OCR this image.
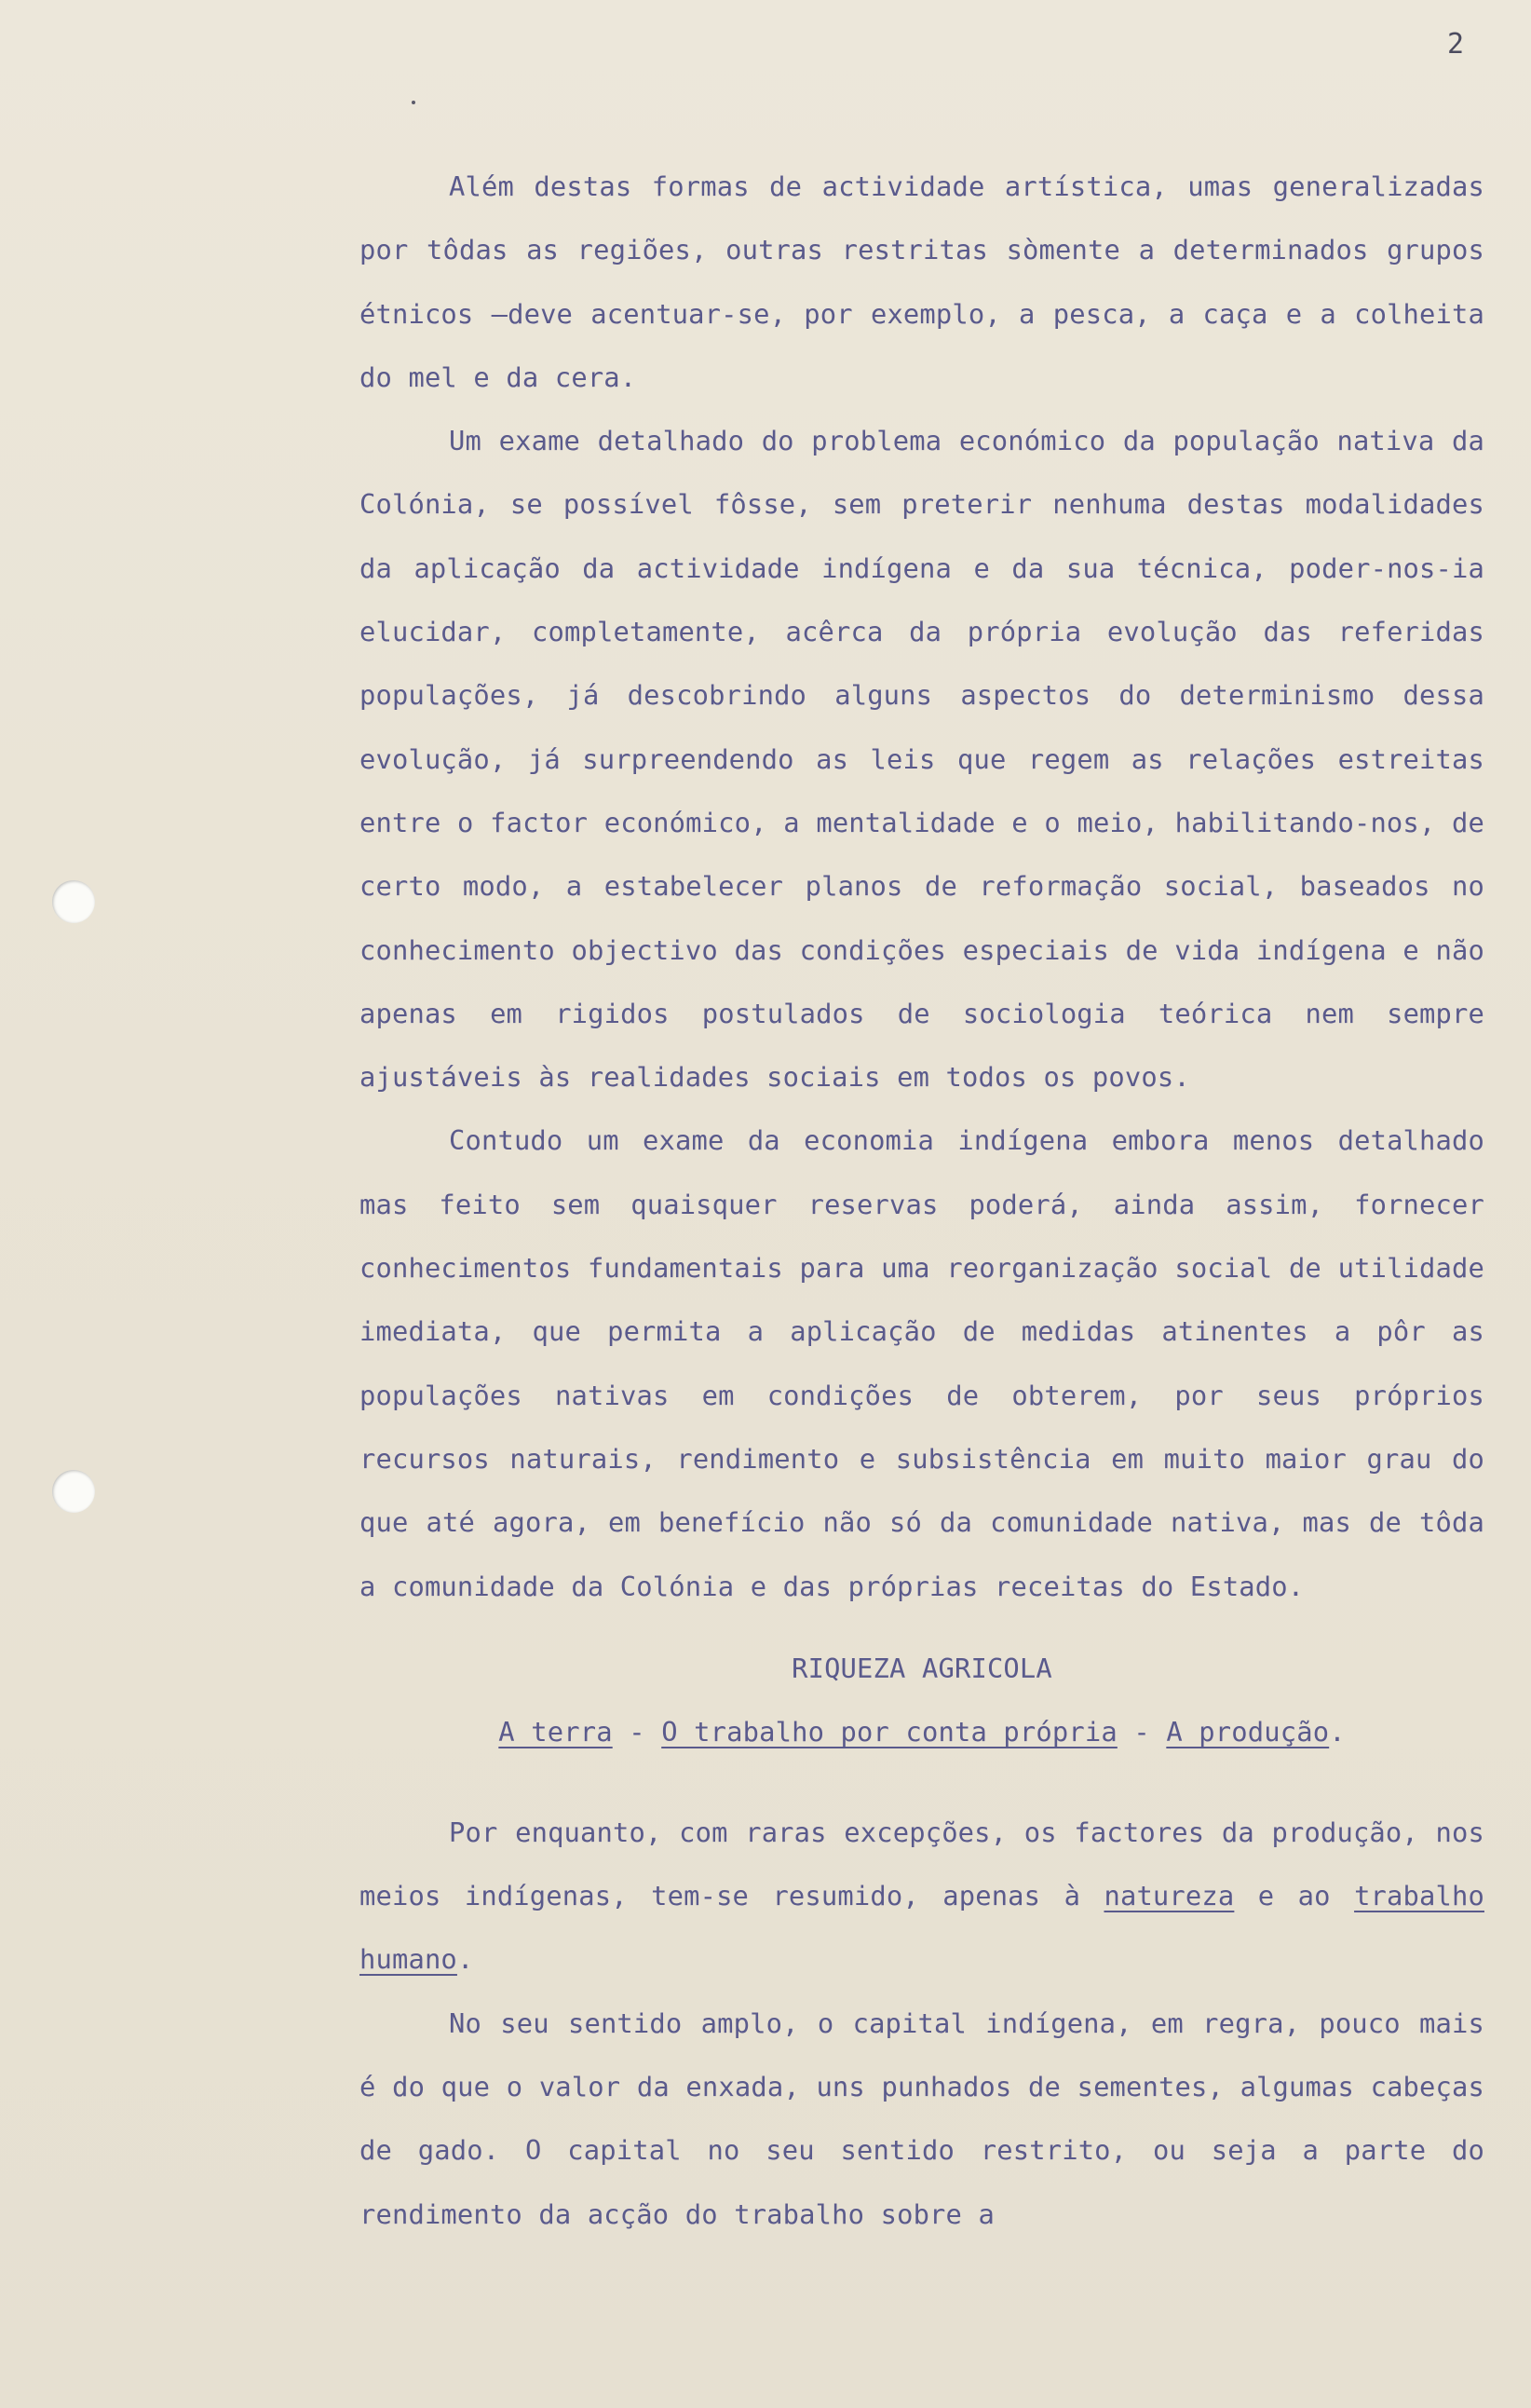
2

Além destas formas de actividade artística, umas generalizadas por tôdas as regiões, outras restritas sòmente a determinados grupos étnicos —deve acentuar-se, por exemplo, a pesca, a caça e a colheita do mel e da cera.

Um exame detalhado do problema económico da população nativa da Colónia, se possível fôsse, sem preterir nenhuma destas modalidades da aplicação da actividade indígena e da sua técnica, poder-nos-ia elucidar, completamente, acêrca da própria evolução das referidas populações, já descobrindo alguns aspectos do determinismo dessa evolução, já surpreendendo as leis que regem as relações estreitas entre o factor económico, a mentalidade e o meio, habilitando-nos, de certo modo, a estabelecer planos de reformação social, baseados no conhecimento objectivo das condições especiais de vida indígena e não apenas em rigidos postulados de sociologia teórica nem sempre ajustáveis às realidades sociais em todos os povos.

Contudo um exame da economia indígena embora menos detalhado mas feito sem quaisquer reservas poderá, ainda assim, fornecer conhecimentos fundamentais para uma reorganização social de utilidade imediata, que permita a aplicação de medidas atinentes a pôr as populações nativas em condições de obterem, por seus próprios recursos naturais, rendimento e subsistência em muito maior grau do que até agora, em benefício não só da comunidade nativa, mas de tôda a comunidade da Colónia e das próprias receitas do Estado.

RIQUEZA AGRICOLA
A terra - O trabalho por conta própria - A produção.

Por enquanto, com raras excepções, os factores da produção, nos meios indígenas, tem-se resumido, apenas à natureza e ao trabalho humano.

No seu sentido amplo, o capital indígena, em regra, pouco mais é do que o valor da enxada, uns punhados de sementes, algumas cabeças de gado. O capital no seu sentido restrito, ou seja a parte do rendimento da acção do trabalho sobre a
